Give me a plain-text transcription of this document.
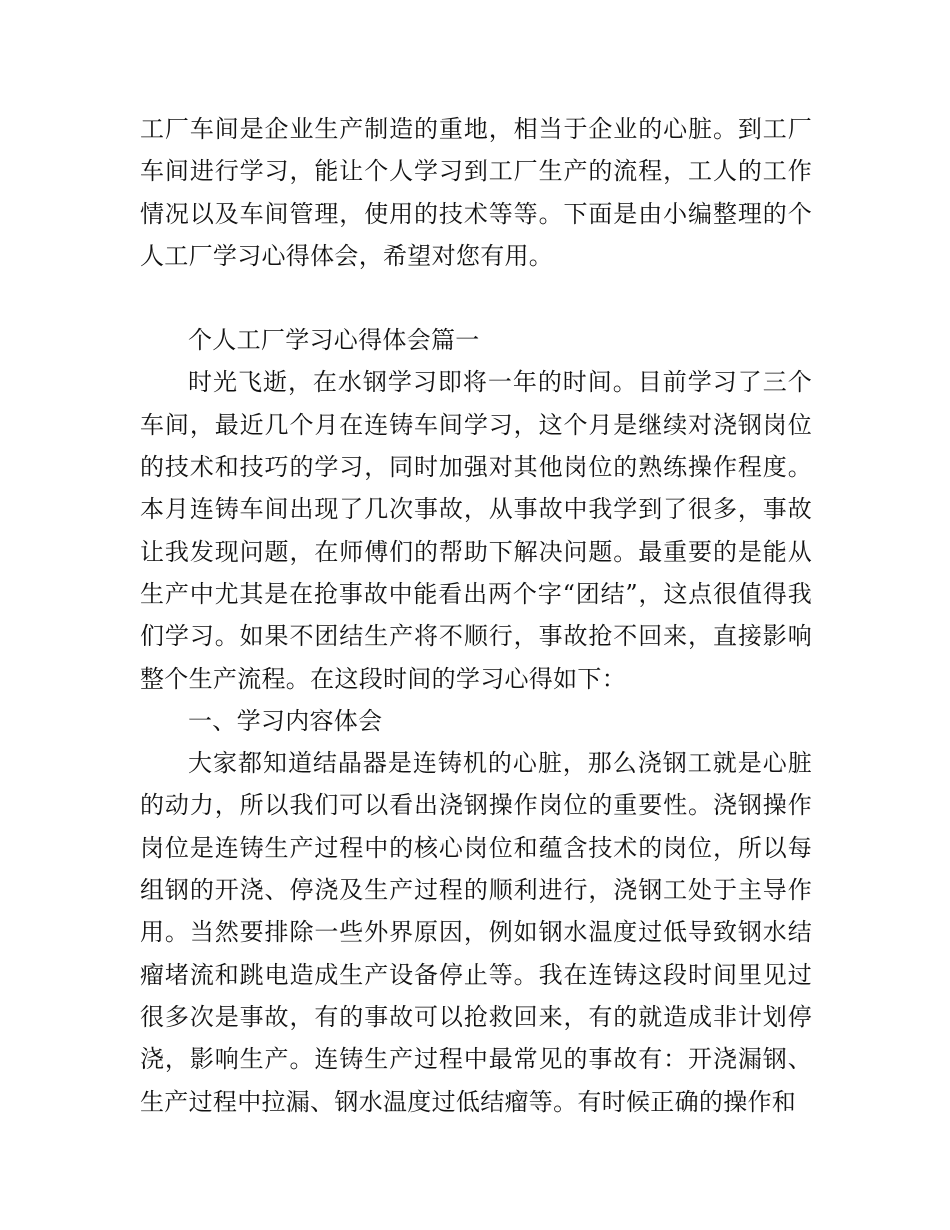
工厂车间是企业生产制造的重地，相当于企业的心脏。到工厂车间进行学习，能让个人学习到工厂生产的流程，工人的工作情况以及车间管理，使用的技术等等。下面是由小编整理的个人工厂学习心得体会，希望对您有用。

个人工厂学习心得体会篇一

时光飞逝，在水钢学习即将一年的时间。目前学习了三个车间，最近几个月在连铸车间学习，这个月是继续对浇钢岗位的技术和技巧的学习，同时加强对其他岗位的熟练操作程度。本月连铸车间出现了几次事故，从事故中我学到了很多，事故让我发现问题，在师傅们的帮助下解决问题。最重要的是能从生产中尤其是在抢事故中能看出两个字“团结”，这点很值得我们学习。如果不团结生产将不顺行，事故抢不回来，直接影响整个生产流程。在这段时间的学习心得如下：

一、学习内容体会

大家都知道结晶器是连铸机的心脏，那么浇钢工就是心脏的动力，所以我们可以看出浇钢操作岗位的重要性。浇钢操作岗位是连铸生产过程中的核心岗位和蕴含技术的岗位，所以每组钢的开浇、停浇及生产过程的顺利进行，浇钢工处于主导作用。当然要排除一些外界原因，例如钢水温度过低导致钢水结瘤堵流和跳电造成生产设备停止等。我在连铸这段时间里见过很多次是事故，有的事故可以抢救回来，有的就造成非计划停浇，影响生产。连铸生产过程中最常见的事故有：开浇漏钢、生产过程中拉漏、钢水温度过低结瘤等。有时候正确的操作和
